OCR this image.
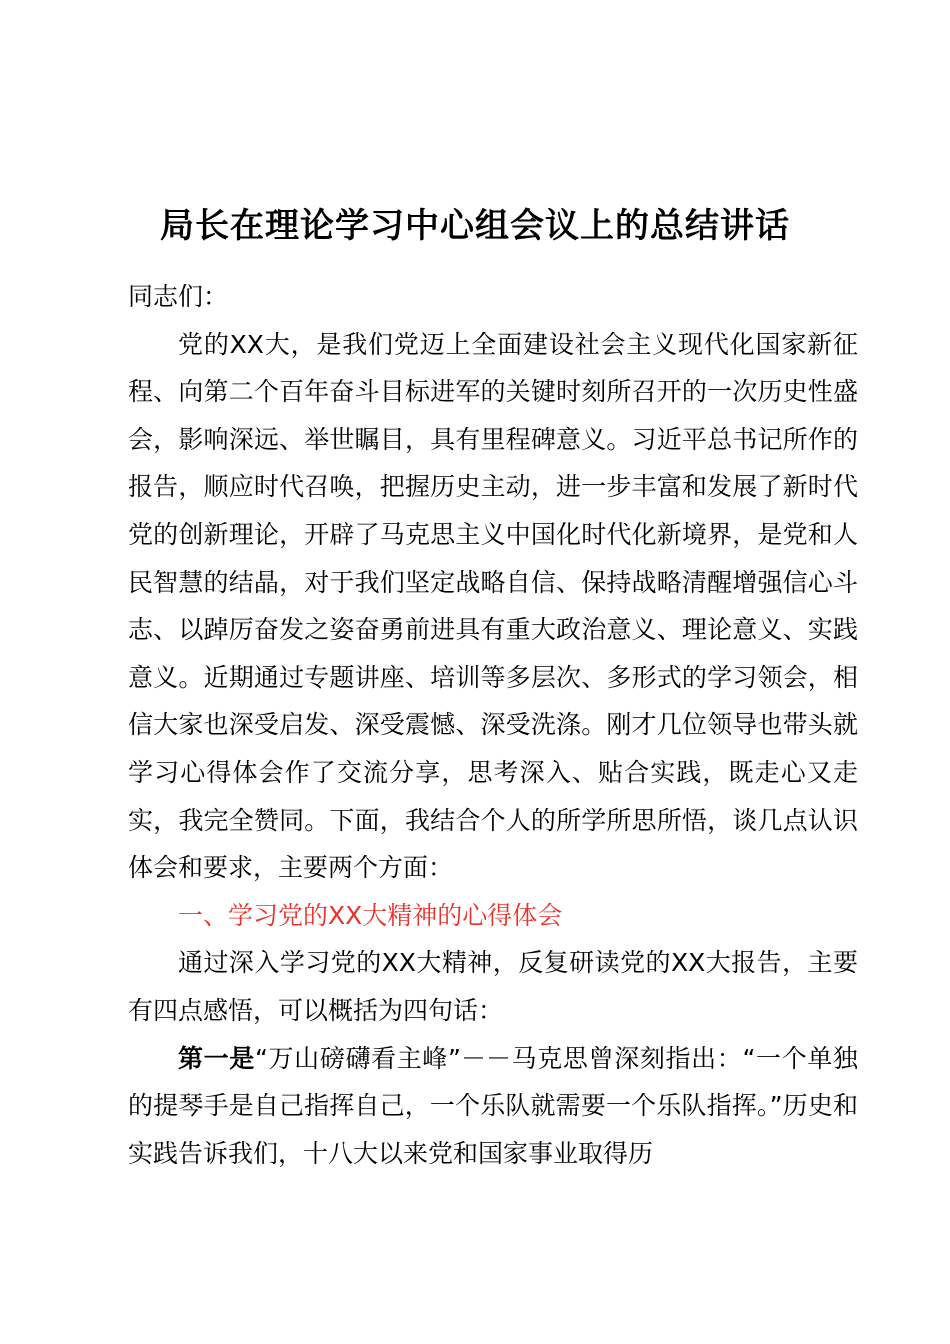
局长在理论学习中心组会议上的总结讲话

同志们：

党的XX大，是我们党迈上全面建设社会主义现代化国家新征程、向第二个百年奋斗目标进军的关键时刻所召开的一次历史性盛会，影响深远、举世瞩目，具有里程碑意义。习近平总书记所作的报告，顺应时代召唤，把握历史主动，进一步丰富和发展了新时代党的创新理论，开辟了马克思主义中国化时代化新境界，是党和人民智慧的结晶，对于我们坚定战略自信、保持战略清醒增强信心斗志、以踔厉奋发之姿奋勇前进具有重大政治意义、理论意义、实践意义。近期通过专题讲座、培训等多层次、多形式的学习领会，相信大家也深受启发、深受震憾、深受洗涤。刚才几位领导也带头就学习心得体会作了交流分享，思考深入、贴合实践，既走心又走实，我完全赞同。下面，我结合个人的所学所思所悟，谈几点认识体会和要求，主要两个方面：

一、学习党的XX大精神的心得体会

通过深入学习党的XX大精神，反复研读党的XX大报告，主要有四点感悟，可以概括为四句话：

第一是“万山磅礴看主峰”－－马克思曾深刻指出：“一个单独的提琴手是自己指挥自己，一个乐队就需要一个乐队指挥。”历史和实践告诉我们，十八大以来党和国家事业取得历
